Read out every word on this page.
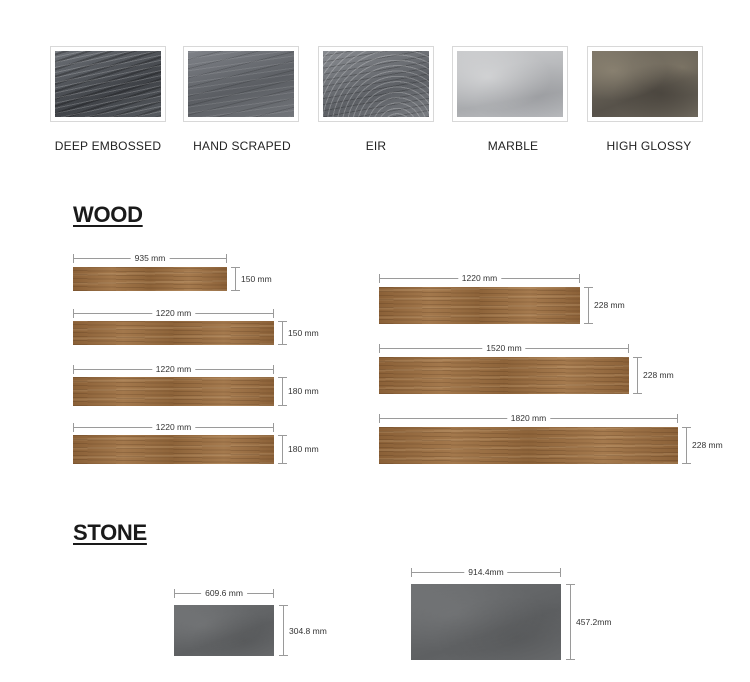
DEEP EMBOSSED	HAND SCRAPED	EIR	MARBLE	HIGH GLOSSY
WOOD
935 mm
150 mm
1220 mm
150 mm
1220 mm
180 mm
1220 mm
180 mm
1220 mm
228 mm
1520 mm
228 mm
1820 mm
228 mm
STONE
609.6 mm
304.8 mm
914.4mm
457.2mm
